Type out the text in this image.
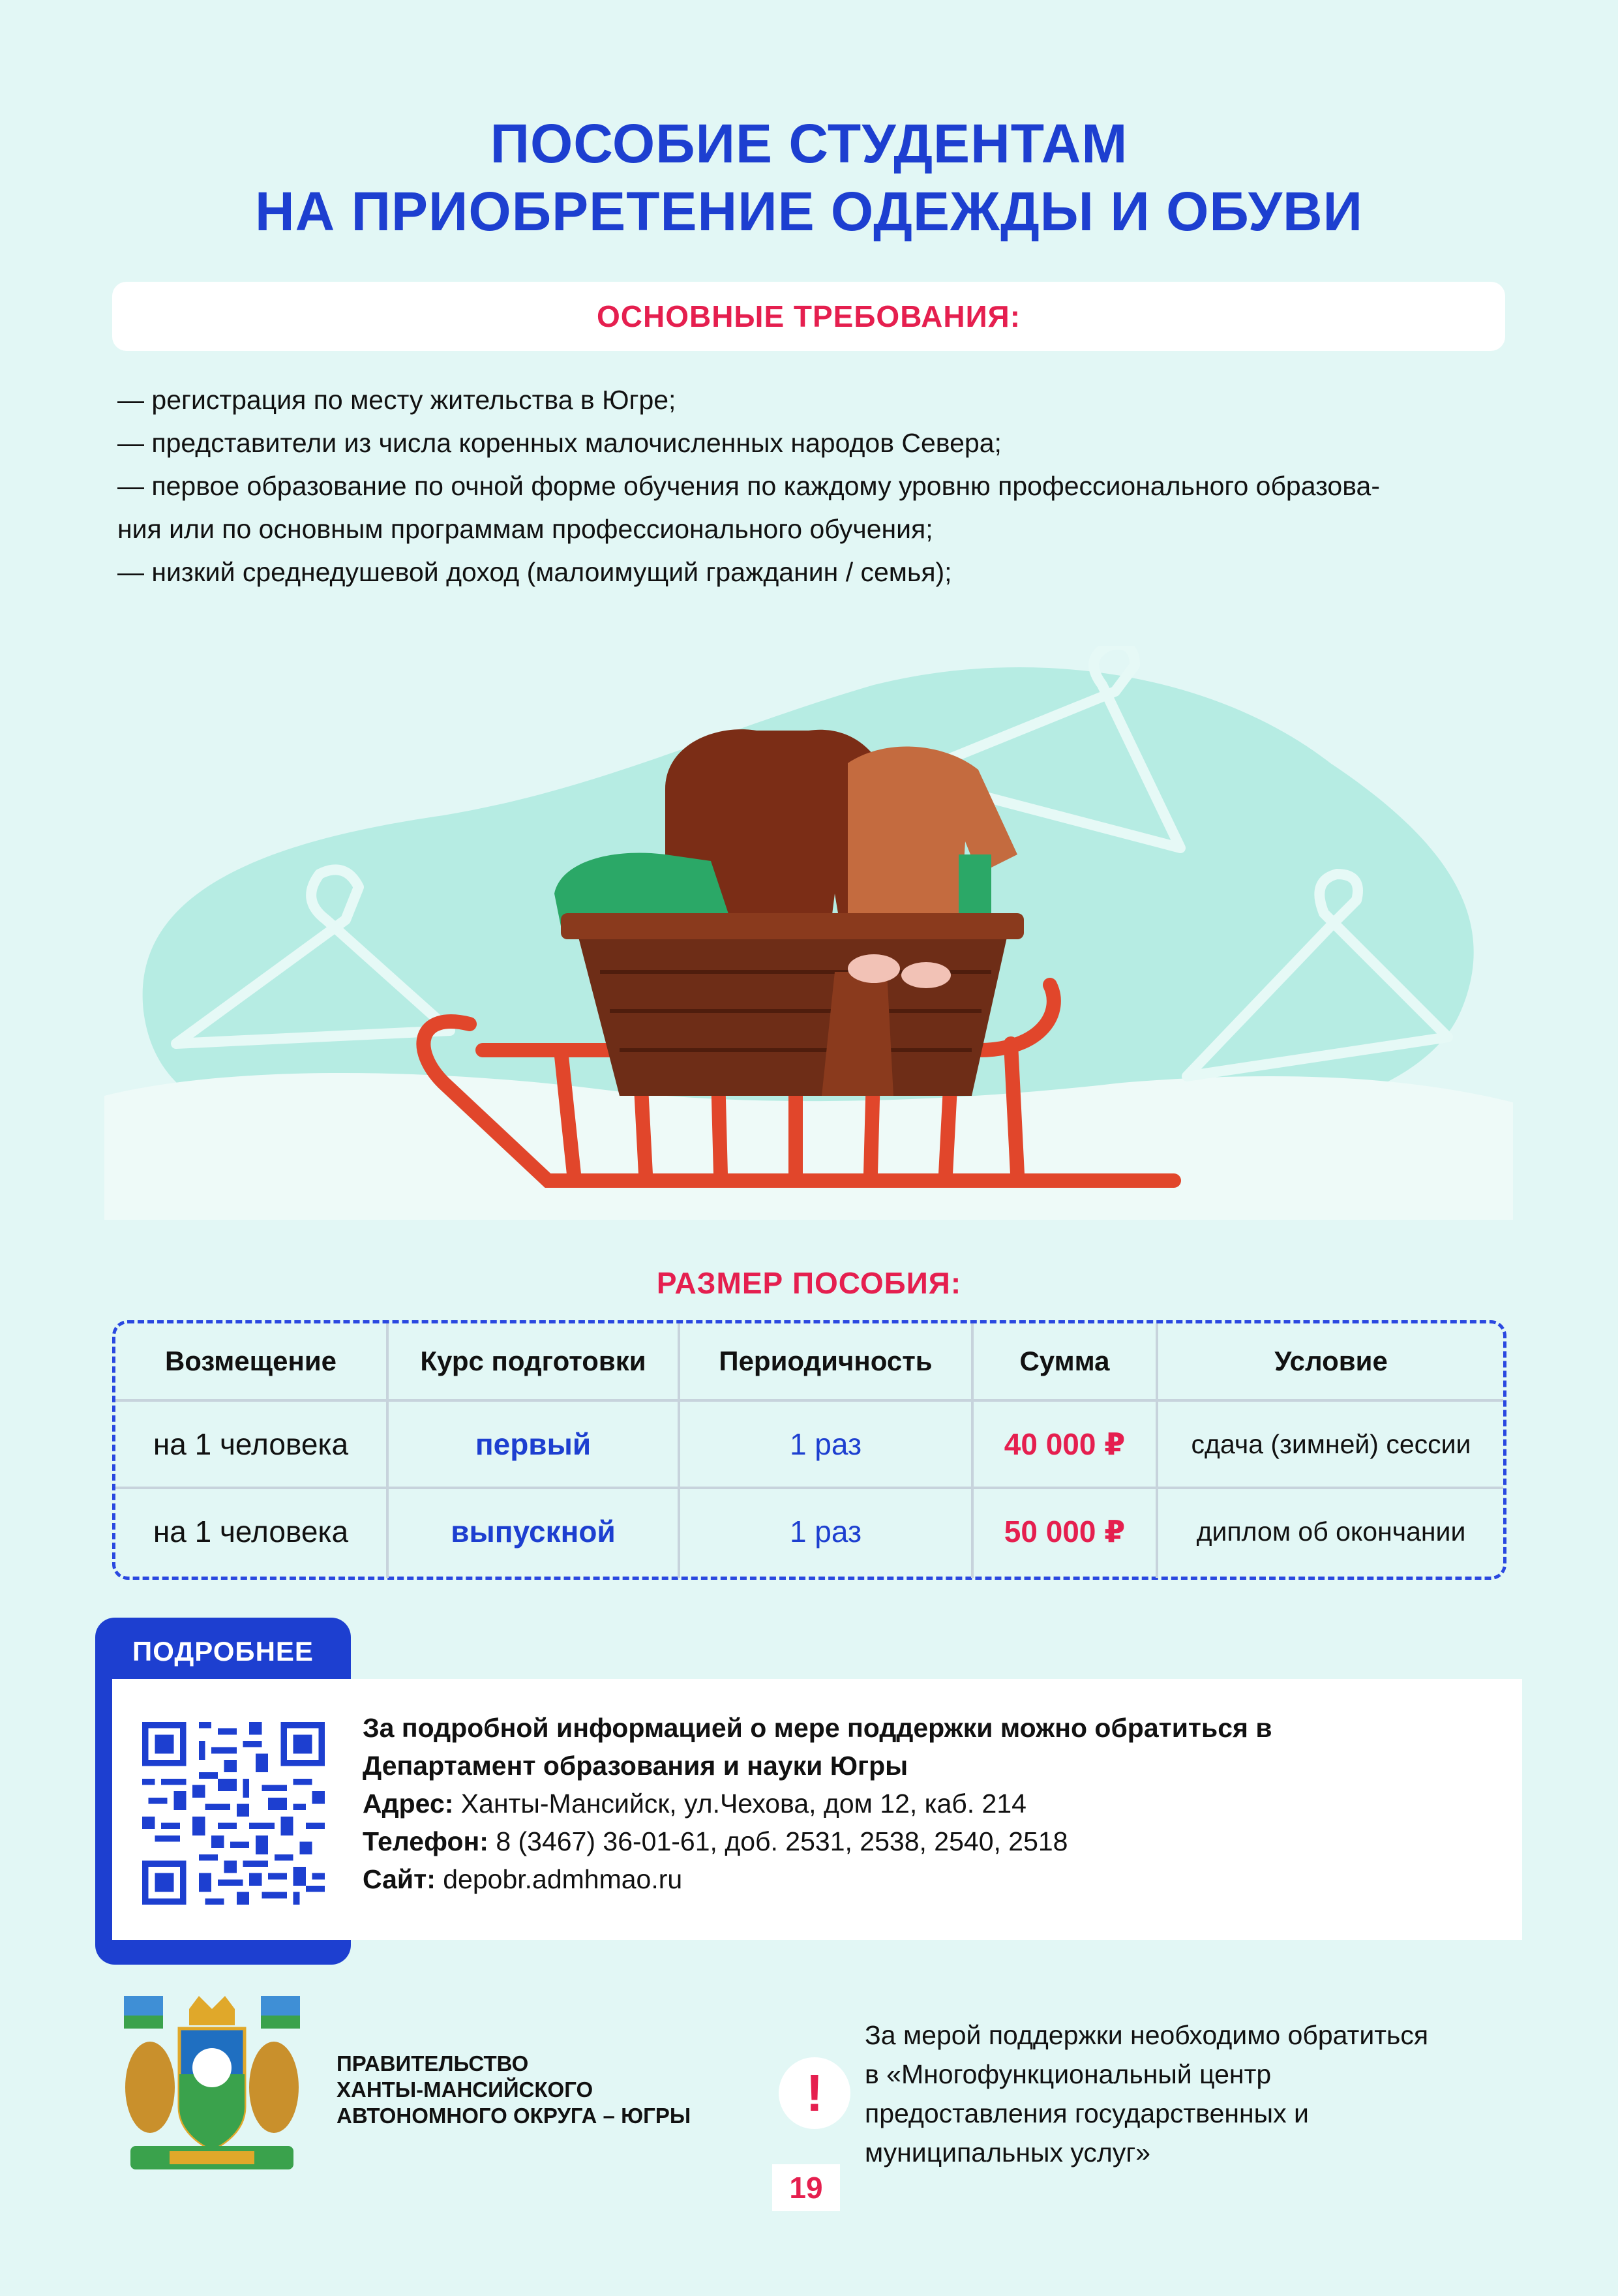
ПОСОБИЕ СТУДЕНТАМ
НА ПРИОБРЕТЕНИЕ ОДЕЖДЫ И ОБУВИ
ОСНОВНЫЕ ТРЕБОВАНИЯ:
— регистрация по месту жительства в Югре;
— представители из числа коренных малочисленных народов Севера;
— первое образование по очной форме обучения по каждому уровню профессионального образова-
ния или по основным программам профессионального обучения;
— низкий среднедушевой доход (малоимущий гражданин / семья);
РАЗМЕР ПОСОБИЯ:
Возмещение	Курс подготовки	Периодичность	Сумма	Условие
на 1 человека	первый	1 раз	40 000 ₽	сдача (зимней) сессии
на 1 человека	выпускной	1 раз	50 000 ₽	диплом об окончании
ПОДРОБНЕЕ
За подробной информацией о мере поддержки можно обратиться в
Департамент образования и науки Югры
Адрес: Ханты-Мансийск, ул.Чехова, дом 12, каб. 214
Телефон: 8 (3467) 36-01-61, доб. 2531, 2538, 2540, 2518
Сайт: depobr.admhmao.ru
ПРАВИТЕЛЬСТВО
ХАНТЫ-МАНСИЙСКОГО
АВТОНОМНОГО ОКРУГА – ЮГРЫ	!
За мерой поддержки необходимо обратиться
в «Многофункциональный центр
предоставления государственных и
муниципальных услуг»
19
